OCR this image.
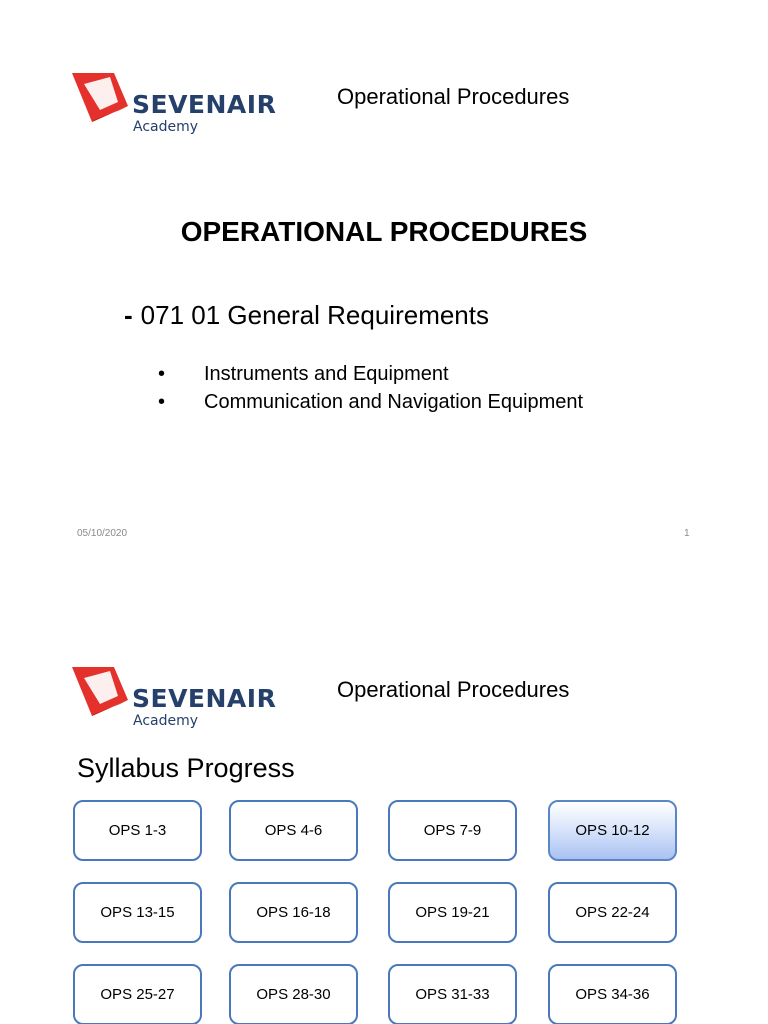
SEVENAIR
Academy
Operational Procedures
OPERATIONAL PROCEDURES
- 071 01 General Requirements
• Instruments and Equipment
• Communication and Navigation Equipment
05/10/2020	1
SEVENAIR
Academy
Operational Procedures
Syllabus Progress
OPS 1-3	OPS 4-6	OPS 7-9	OPS 10-12
OPS 13-15	OPS 16-18	OPS 19-21	OPS 22-24
OPS 25-27	OPS 28-30	OPS 31-33	OPS 34-36
